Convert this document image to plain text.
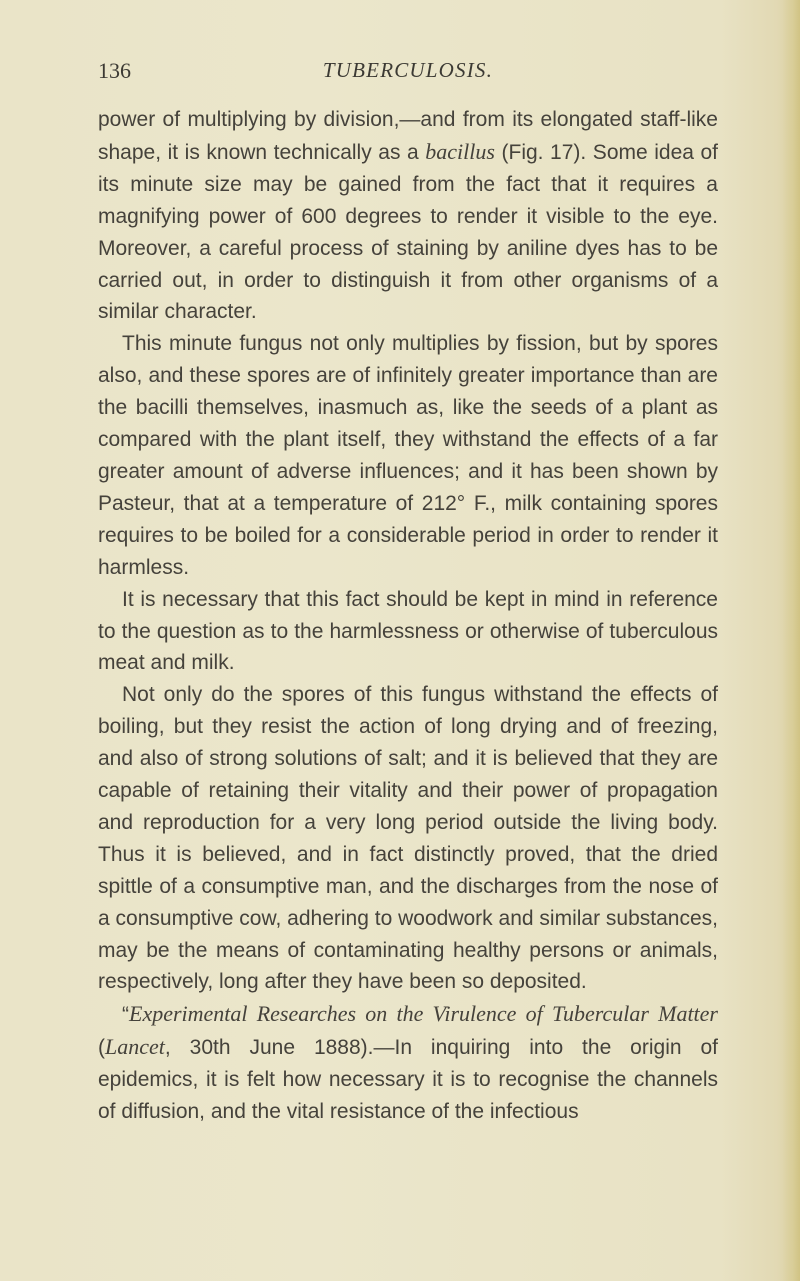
136	TUBERCULOSIS.

power of multiplying by division,—and from its elongated staff-like shape, it is known technically as a bacillus (Fig. 17). Some idea of its minute size may be gained from the fact that it requires a magnifying power of 600 degrees to render it visible to the eye. Moreover, a careful process of staining by aniline dyes has to be carried out, in order to distinguish it from other organisms of a similar character.

This minute fungus not only multiplies by fission, but by spores also, and these spores are of infinitely greater importance than are the bacilli themselves, inasmuch as, like the seeds of a plant as compared with the plant itself, they withstand the effects of a far greater amount of adverse influences; and it has been shown by Pasteur, that at a temperature of 212° F., milk containing spores requires to be boiled for a considerable period in order to render it harmless.

It is necessary that this fact should be kept in mind in reference to the question as to the harmlessness or otherwise of tuberculous meat and milk.

Not only do the spores of this fungus withstand the effects of boiling, but they resist the action of long drying and of freezing, and also of strong solutions of salt; and it is believed that they are capable of retaining their vitality and their power of propagation and reproduction for a very long period outside the living body. Thus it is believed, and in fact distinctly proved, that the dried spittle of a consumptive man, and the discharges from the nose of a consumptive cow, adhering to woodwork and similar substances, may be the means of contaminating healthy persons or animals, respectively, long after they have been so deposited.

“Experimental Researches on the Virulence of Tubercular Matter (Lancet, 30th June 1888).—In inquiring into the origin of epidemics, it is felt how necessary it is to recognise the channels of diffusion, and the vital resistance of the infectious
